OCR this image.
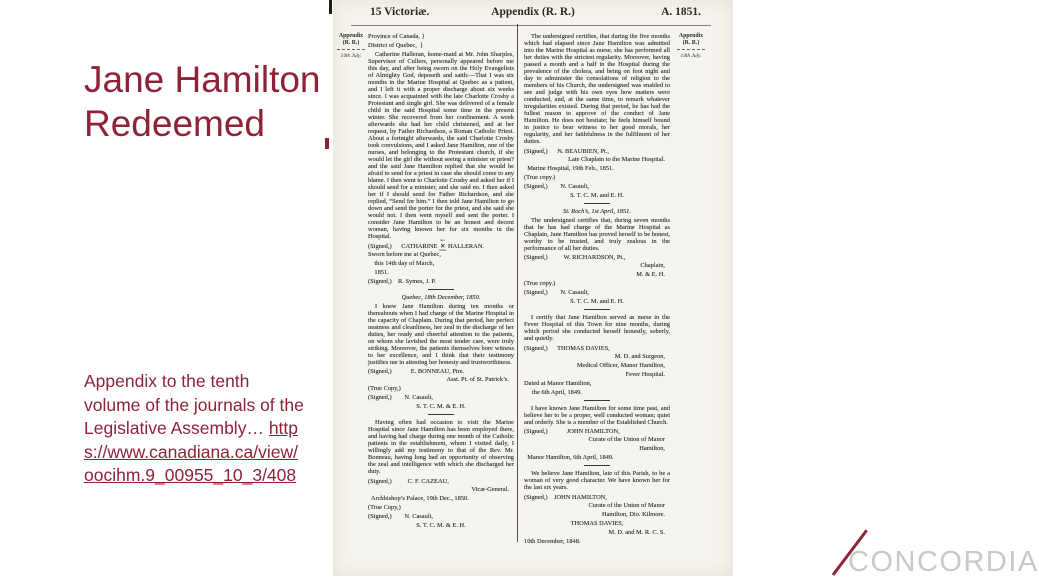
Jane Hamilton
Redeemed
Appendix to the tenth volume of the journals of the Legislative Assembly… https://www.canadiana.ca/view/oocihm.9_00955_10_3/408
15 Victoriæ.	Appendix (R. R.)	A. 1851.
Appendix
(R. R.)
14th July.
Appendix
(R. R.)
14th July.
Province of Canada, }
District of Quebec,  }
Catherine Halleran, home-maid at Mr. John Sharples, Supervisor of Cullers, personally appeared before me this day, and after being sworn on the Holy Evangelists of Almighty God, deposeth and saith:—That I was six months in the Marine Hospital at Quebec as a patient, and I left it with a proper discharge about six weeks since. I was acquainted with the late Charlotte Crosby a Protestant and single girl. She was delivered of a female child in the said Hospital some time in the present winter. She recovered from her confinement. A week afterwards she had her child christened, and at her request, by Father Richardson, a Roman Catholic Priest. About a fortnight afterwards, the said Charlotte Crosby took convulsions, and I asked Jane Hamilton, one of the nurses, and belonging to the Protestant church, if she would let the girl die without seeing a minister or priest? and the said Jane Hamilton replied that she would be afraid to send for a priest in case she should come to any blame. I then went to Charlotte Crosby and asked her if I should send for a minister, and she said no. I then asked her if I should send for Father Richardson, and she replied, “Send for him.” I then told Jane Hamilton to go down and send the porter for the priest, and she said she would not. I then went myself and sent the porter. I consider Jane Hamilton to be an honest and decent woman, having known her for six months in the Hospital.
(Signed,)      CATHARINE
her
✕
mark
HALLERAN.
Sworn before me at Quebec,
this 14th day of March,
1851.
(Signed,)    R. Symes, J. P.
Quebec, 18th December, 1850.
I knew Jane Hamilton during ten months or thereabouts when I had charge of the Marine Hospital in the capacity of Chaplain. During that period, her perfect neatness and cleanliness, her zeal in the discharge of her duties, her ready and cheerful attention to the patients, on whom she lavished the most tender care, were truly striking. Moreover, the patients themselves bore witness to her excellence, and I think that their testimony justifies me in attesting her honesty and trustworthiness.
(Signed,)            E. BONNEAU, Ptre.
Asst. Pt. of St. Patrick’s.
(True Copy,)
(Signed,)        N. Casault,
S. T. C. M. & E. H.
Having often had occasion to visit the Marine Hospital since Jane Hamilton has been employed there, and having had charge during one month of the Catholic patients in the establishment, whom I visited daily, I willingly add my testimony to that of the Rev. Mr. Bonneau, having long had an opportunity of observing the zeal and intelligence with which she discharged her duty.
(Signed,)          C. F. CAZEAU,
Vicar-General.
Archbishop’s Palace, 19th Dec., 1850.
(True Copy,)
(Signed,)        N. Casault,
S. T. C. M. & E. H.
The undersigned certifies, that during the five months which had elapsed since Jane Hamilton was admitted into the Marine Hospital as nurse, she has performed all her duties with the strictest regularity. Moreover, having passed a month and a half in the Hospital during the prevalence of the cholera, and being on foot night and day to administer the consolations of religion to the members of his Church, the undersigned was enabled to see and judge with his own eyes how matters were conducted, and, at the same time, to remark whatever irregularities existed. During that period, he has had the fullest reason to approve of the conduct of Jane Hamilton. He does not hesitate; he feels himself bound in justice to bear witness to her good morals, her regularity, and her faithfulness in the fulfilment of her duties.
(Signed,)      N. BEAUBIEN, Pt.,
Late Chaplain to the Marine Hospital.
Marine Hospital, 19th Feb., 1851.
(True copy.)
(Signed,)        N. Casault,
S. T. C. M. and E. H.
St. Roch’s, 1st April, 1851.
The undersigned certifies that, during seven months that he has had charge of the Marine Hospital as Chaplain, Jane Hamilton has proved herself to be honest, worthy to be trusted, and truly zealous in the performance of all her duties.
(Signed,)          W. RICHARDSON, Pt.,
Chaplain,
M. & E. H.
(True copy.)
(Signed,)        N. Casault,
S. T. C. M. and E. H.
I certify that Jane Hamilton served as nurse in the Fever Hospital of this Town for nine months, during which period she conducted herself honestly, soberly, and quietly.
(Signed,)      THOMAS DAVIES,
M. D. and Surgeon,
Medical Officer, Manor Hamilton,
Fever Hospital.
Dated at Manor Hamilton,
the 6th April, 1849.
I have known Jane Hamilton for some time past, and believe her to be a proper, well conducted woman; quiet and orderly. She is a member of the Established Church.
(Signed,)            JOHN HAMILTON,
Curate of the Union of Manor
Hamilton,
Manor Hamilton, 6th April, 1849.
We believe Jane Hamilton, late of this Parish, to be a woman of very good character. We have known her for the last six years.
(Signed,)    JOHN HAMILTON,
Curate of the Union of Manor
Hamilton, Dio. Kilmore.
THOMAS DAVIES,
M. D. and M. R. C. S.
10th December, 1848.
CONCORDIA
